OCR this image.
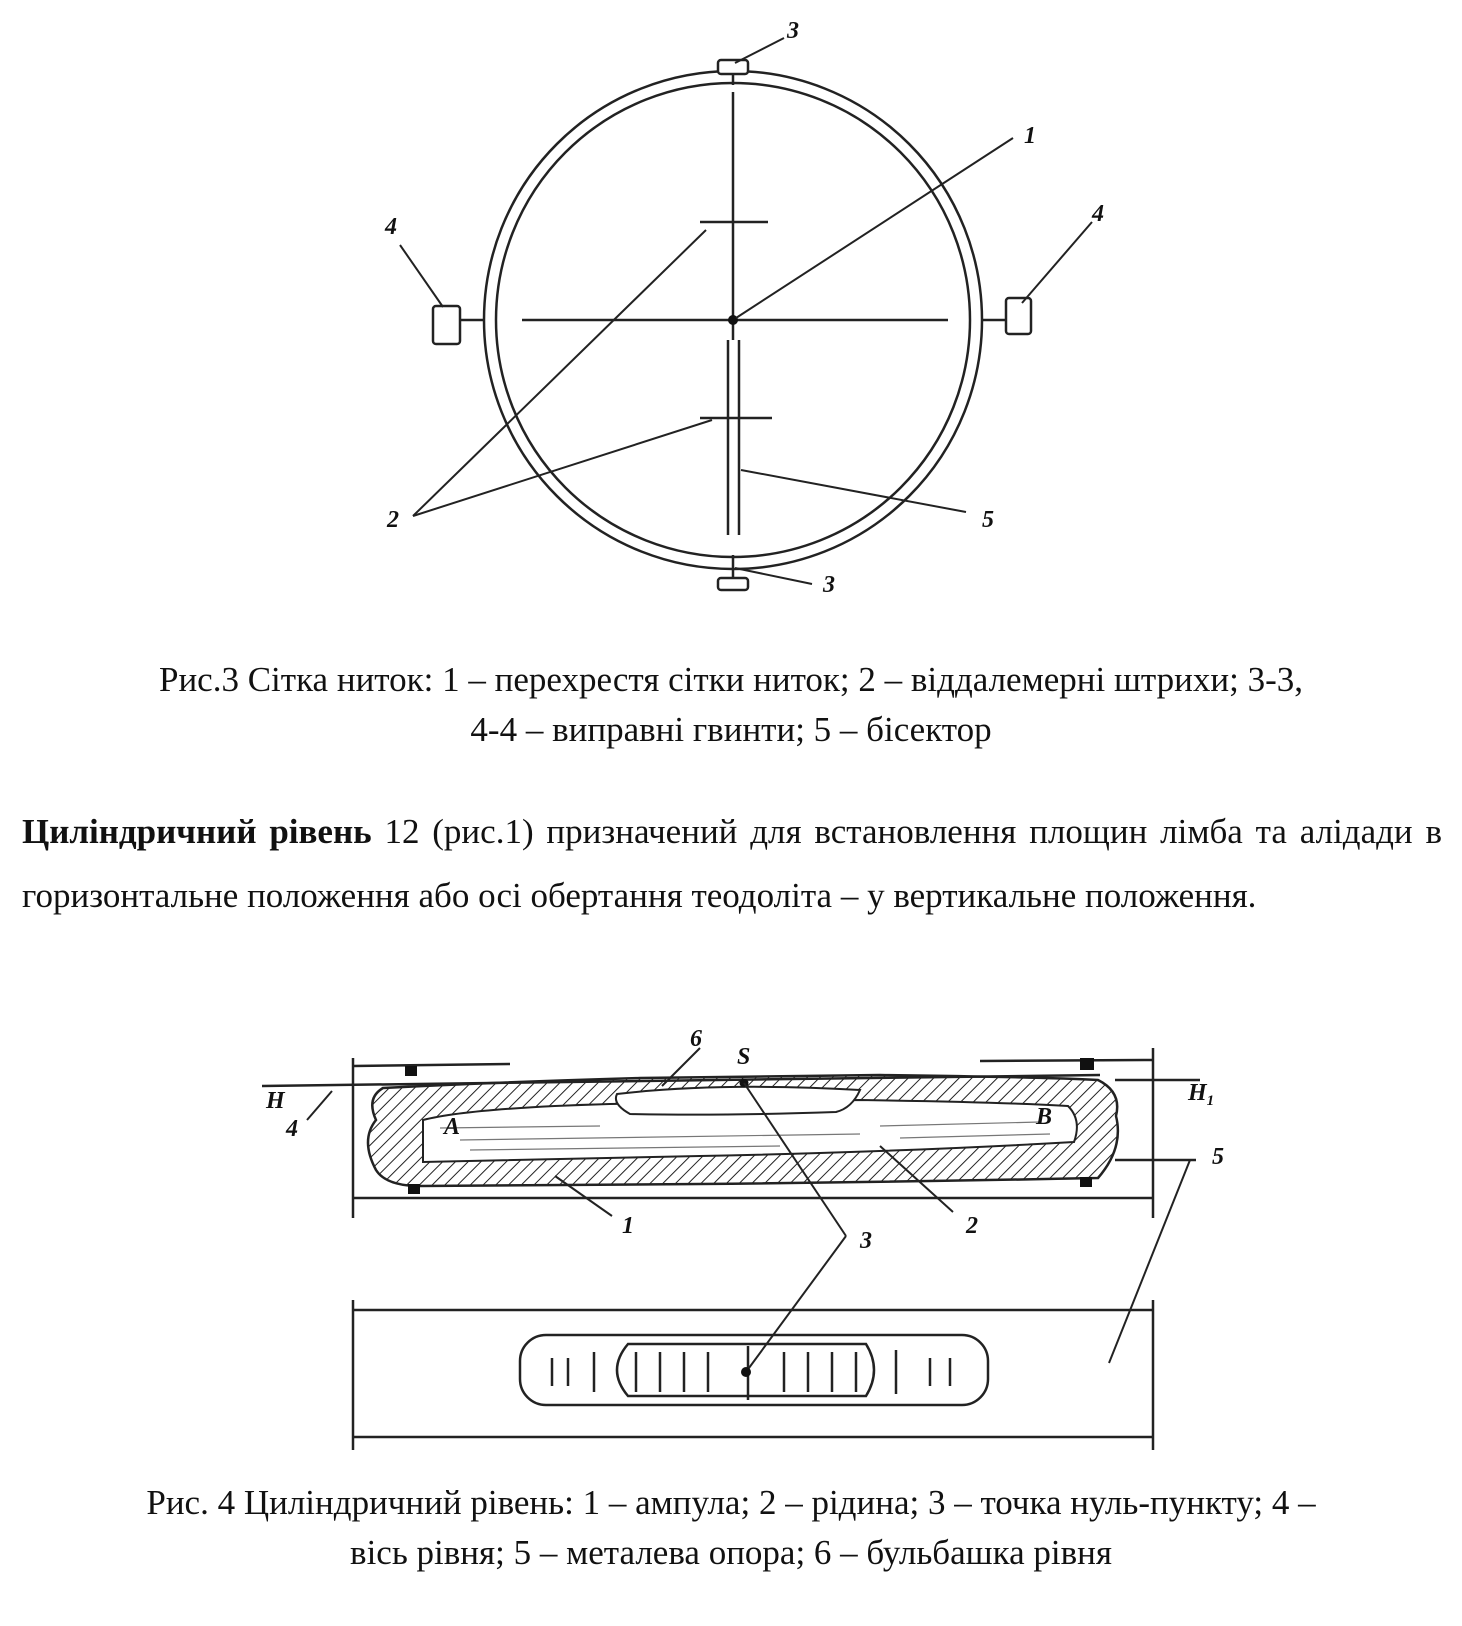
1
2
3
3
4	4
5
Рис.3 Сітка ниток: 1 – перехрестя сітки ниток; 2 – віддалемерні штрихи; 3-3,
4-4 – виправні гвинти; 5 – бісектор
Циліндричний рівень 12 (рис.1) призначений для встановлення площин лімба та алідади в горизонтальне положення або осі обертання теодоліта – у вертикальне положення.
6
S
H
4	A	B
$H_1$
5
1	2
3
Рис. 4 Циліндричний рівень: 1 – ампула; 2 – рідина; 3 – точка нуль-пункту; 4 –
вісь рівня; 5 – металева опора; 6 – бульбашка рівня
